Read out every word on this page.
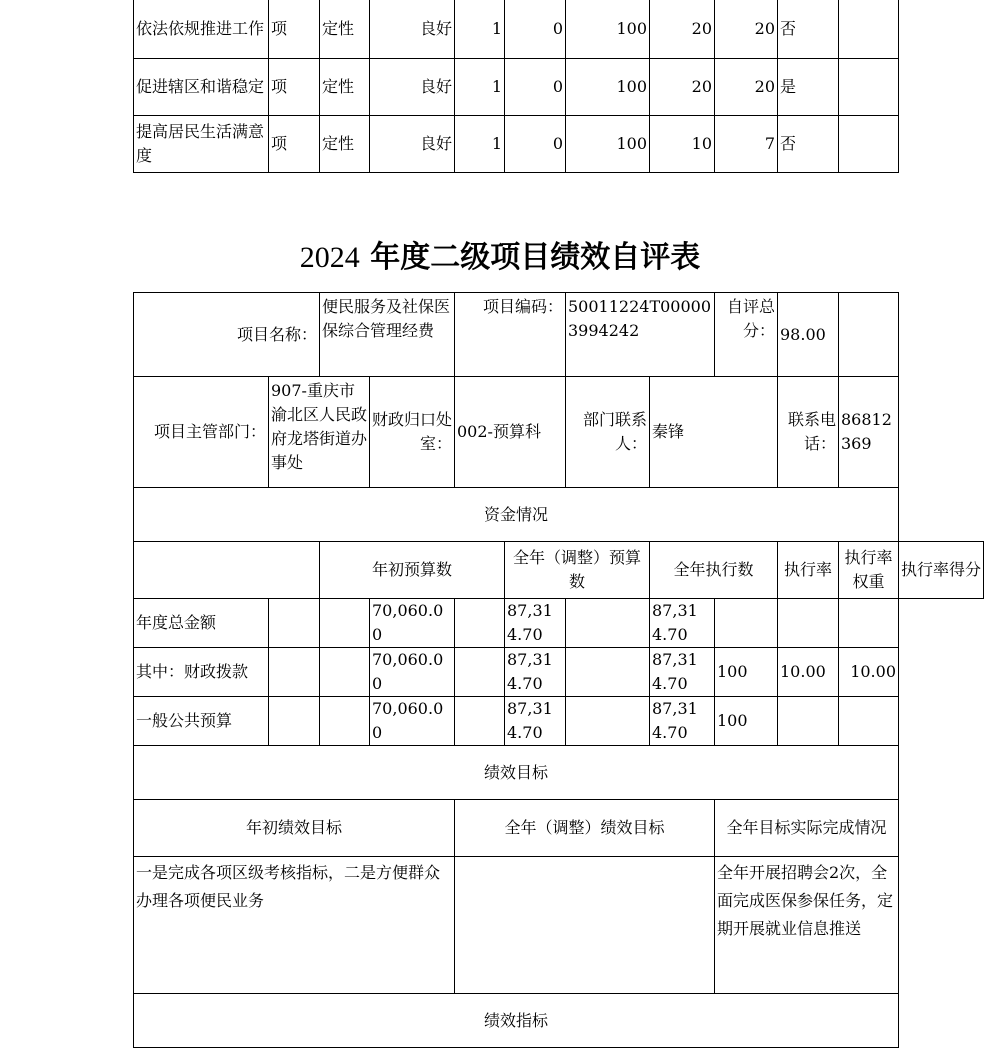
依法依规推进工作	项	定性	良好	1	0	100	20	20	否	
促进辖区和谐稳定	项	定性	良好	1	0	100	20	20	是	
提高居民生活满意度	项	定性	良好	1	0	100	10	7	否	
2024 年度二级项目绩效自评表
项目名称：		便民服务及社保医保综合管理经费		项目编码：		50011224T000003994242		自评总分：	98.00		
项目主管部门：	907-重庆市渝北区人民政府龙塔街道办事处		财政归口处室：	002-预算科		部门联系人：	秦锋		联系电话：	86812369	
资金情况											
		年初预算数			全年（调整）预算数		全年执行数		执行率	执行率权重	执行率得分
年度总金额			70,060.00		87,314.70		87,314.70				
其中：财政拨款			70,060.00		87,314.70		87,314.70	100	10.00	10.00	
一般公共预算			70,060.00		87,314.70		87,314.70	100			
绩效目标											
年初绩效目标				全年（调整）绩效目标				全年目标实际完成情况			
一是完成各项区级考核指标，二是方便群众办理各项便民业务								全年开展招聘会2次，全面完成医保参保任务，定期开展就业信息推送			
绩效指标											
